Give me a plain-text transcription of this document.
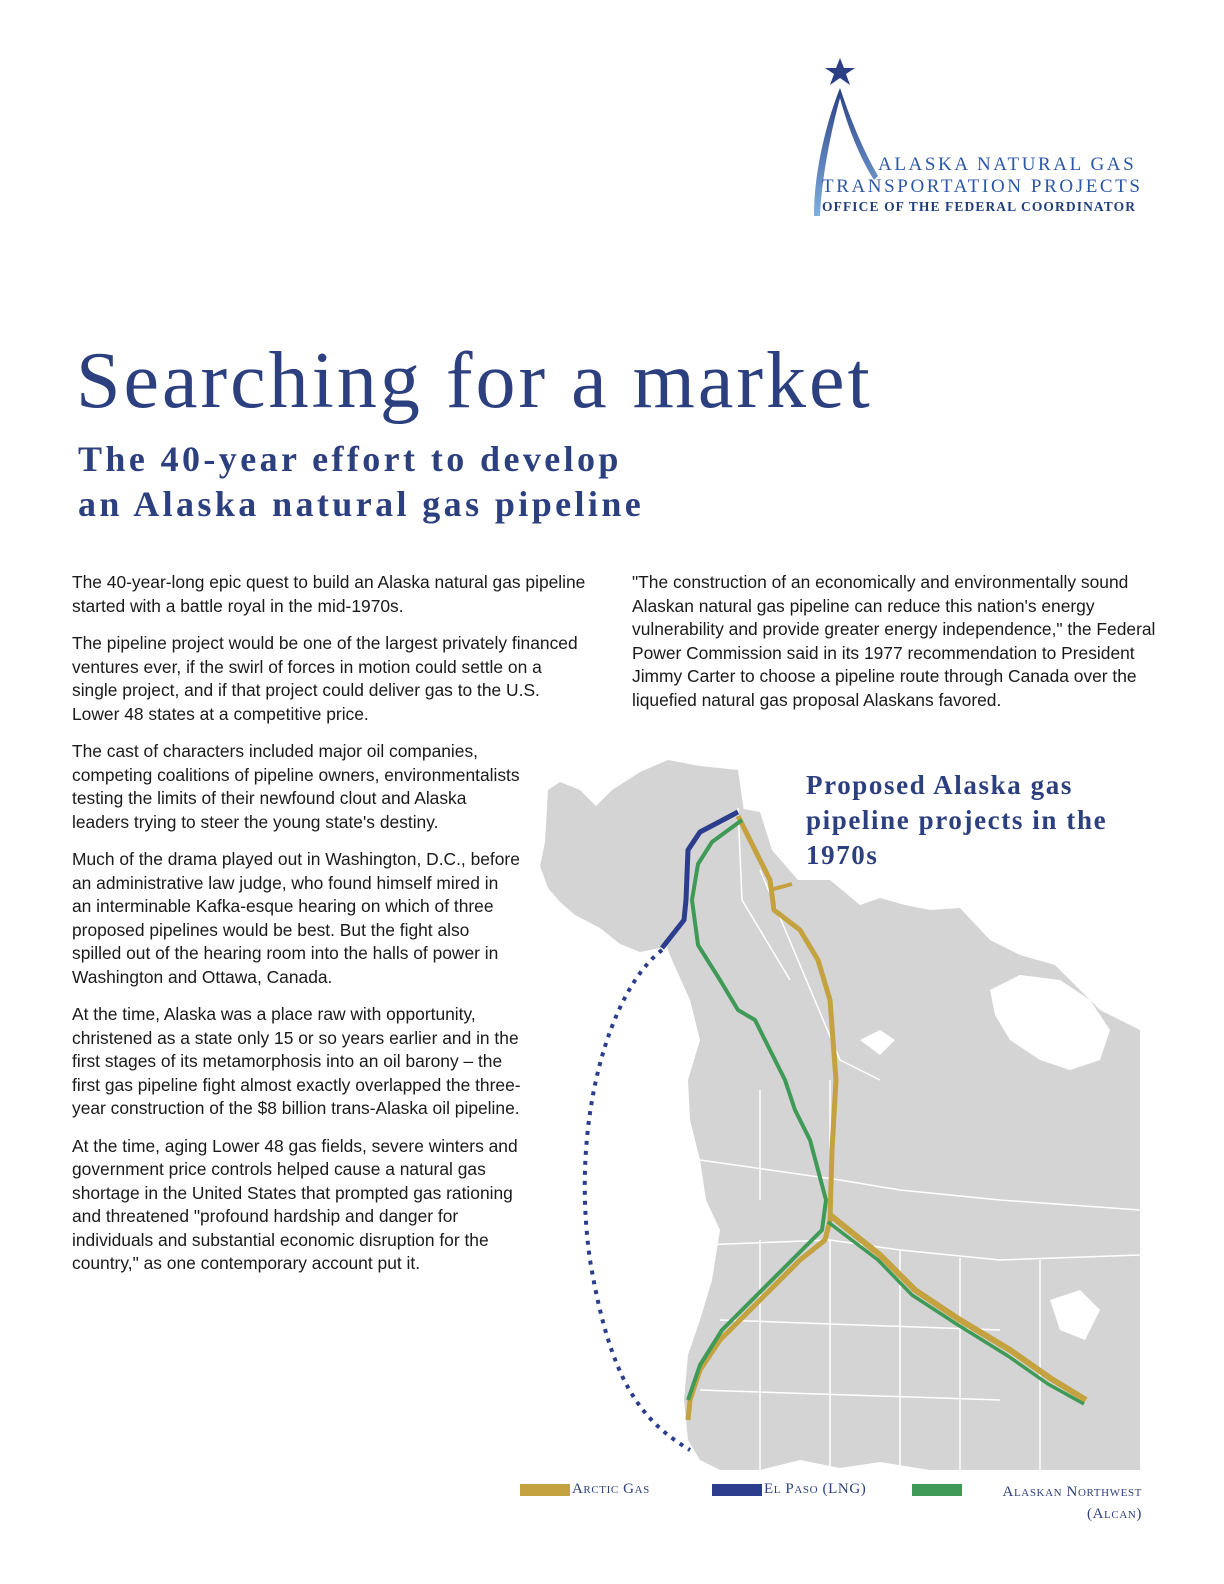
ALASKA NATURAL GAS
TRANSPORTATION PROJECTS
OFFICE OF THE FEDERAL COORDINATOR
Searching for a market
The 40-year effort to develop
an Alaska natural gas pipeline

The 40-year-long epic quest to build an Alaska natural gas pipeline started with a battle royal in the mid-1970s.

The pipeline project would be one of the largest privately financed ventures ever, if the swirl of forces in motion could settle on a single project, and if that project could deliver gas to the U.S. Lower 48 states at a competitive price.

The cast of characters included major oil companies, competing coalitions of pipeline owners, environmentalists testing the limits of their newfound clout and Alaska leaders trying to steer the young state's destiny.

Much of the drama played out in Washington, D.C., before an administrative law judge, who found himself mired in an interminable Kafka-esque hearing on which of three proposed pipelines would be best. But the fight also spilled out of the hearing room into the halls of power in Washington and Ottawa, Canada.

At the time, Alaska was a place raw with opportunity, christened as a state only 15 or so years earlier and in the first stages of its metamorphosis into an oil barony – the first gas pipeline fight almost exactly overlapped the three-year construction of the $8 billion trans-Alaska oil pipeline.

At the time, aging Lower 48 gas fields, severe winters and government price controls helped cause a natural gas shortage in the United States that prompted gas rationing and threatened "profound hardship and danger for individuals and substantial economic disruption for the country," as one contemporary account put it.

"The construction of an economically and environmentally sound Alaskan natural gas pipeline can reduce this nation's energy vulnerability and provide greater energy independence," the Federal Power Commission said in its 1977 recommendation to President Jimmy Carter to choose a pipeline route through Canada over the liquefied natural gas proposal Alaskans favored.

Proposed Alaska gas pipeline projects in the 1970s
Arctic Gas	El Paso (LNG)	Alaskan Northwest (Alcan)
